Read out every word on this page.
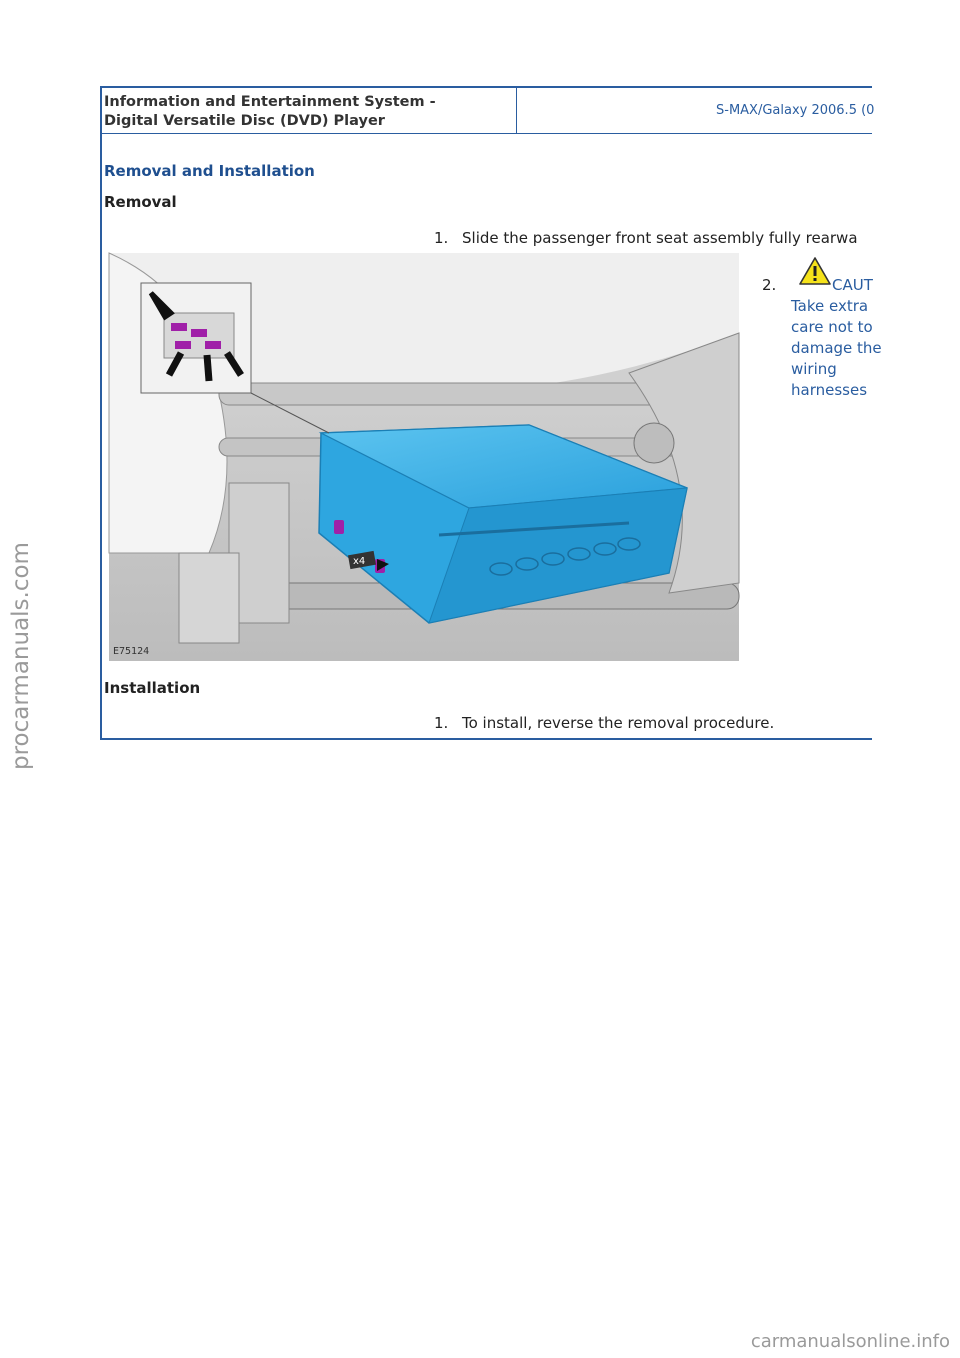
Information and Entertainment System -
Digital Versatile Disc (DVD) Player
S-MAX/Galaxy 2006.5 (0
Removal and Installation
Removal
1. Slide the passenger front seat assembly fully rearwa
x4
E75124
2.	CAUT
Take extra
care not to
damage the
wiring
harnesses
Installation
1. To install, reverse the removal procedure.
procarmanuals.com
carmanualsonline.info
